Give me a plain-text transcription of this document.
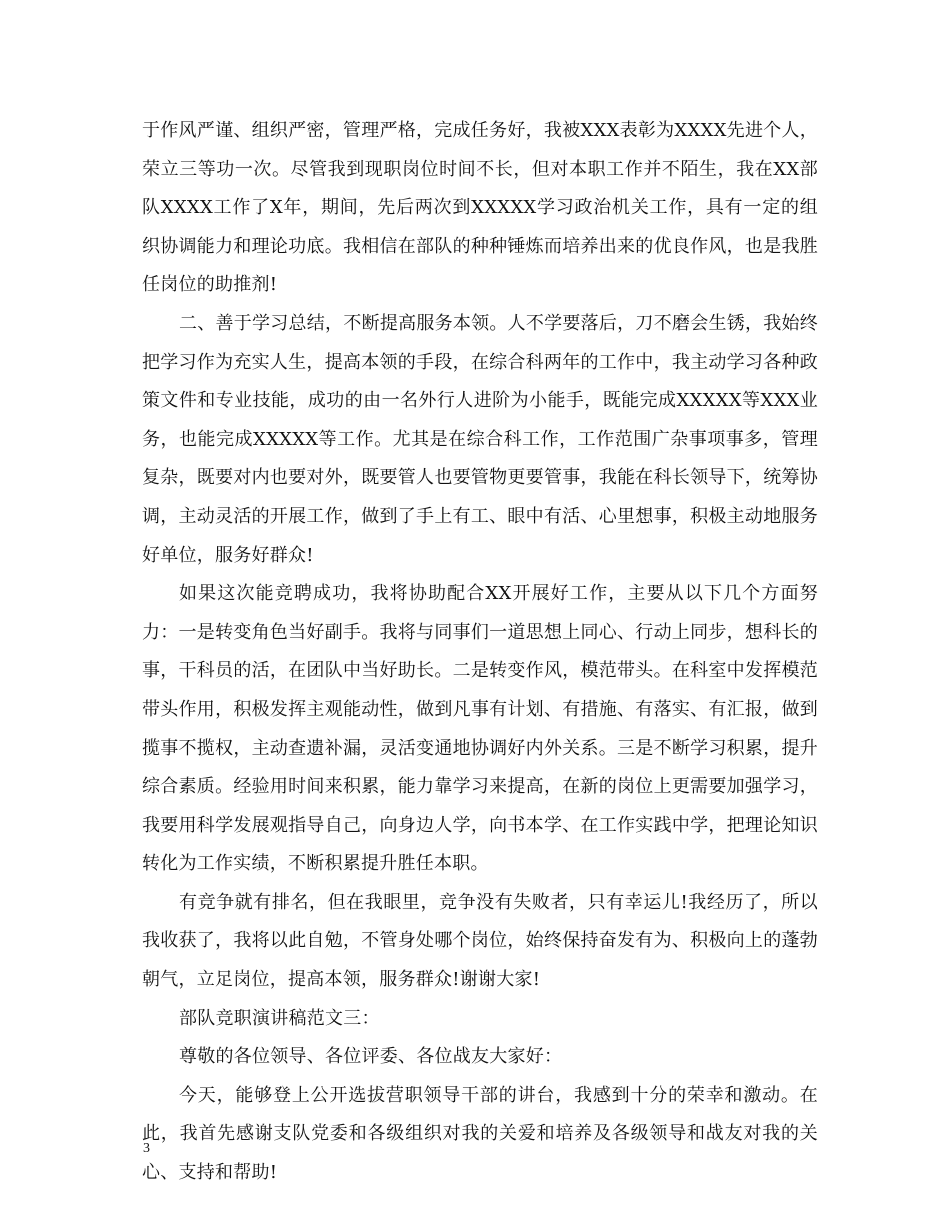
于作风严谨、组织严密，管理严格，完成任务好，我被XXX表彰为XXXX先进个人，荣立三等功一次。尽管我到现职岗位时间不长，但对本职工作并不陌生，我在XX部队XXXX工作了X年，期间，先后两次到XXXXX学习政治机关工作，具有一定的组织协调能力和理论功底。我相信在部队的种种锤炼而培养出来的优良作风，也是我胜任岗位的助推剂!

二、善于学习总结，不断提高服务本领。人不学要落后，刀不磨会生锈，我始终把学习作为充实人生，提高本领的手段，在综合科两年的工作中，我主动学习各种政策文件和专业技能，成功的由一名外行人进阶为小能手，既能完成XXXXX等XXX业务，也能完成XXXXX等工作。尤其是在综合科工作，工作范围广杂事项事多，管理复杂，既要对内也要对外，既要管人也要管物更要管事，我能在科长领导下，统筹协调，主动灵活的开展工作，做到了手上有工、眼中有活、心里想事，积极主动地服务好单位，服务好群众!

如果这次能竞聘成功，我将协助配合XX开展好工作，主要从以下几个方面努力：一是转变角色当好副手。我将与同事们一道思想上同心、行动上同步，想科长的事，干科员的活，在团队中当好助长。二是转变作风，模范带头。在科室中发挥模范带头作用，积极发挥主观能动性，做到凡事有计划、有措施、有落实、有汇报，做到揽事不揽权，主动查遗补漏，灵活变通地协调好内外关系。三是不断学习积累，提升综合素质。经验用时间来积累，能力靠学习来提高，在新的岗位上更需要加强学习，我要用科学发展观指导自己，向身边人学，向书本学、在工作实践中学，把理论知识转化为工作实绩，不断积累提升胜任本职。

有竞争就有排名，但在我眼里，竞争没有失败者，只有幸运儿!我经历了，所以我收获了，我将以此自勉，不管身处哪个岗位，始终保持奋发有为、积极向上的蓬勃朝气，立足岗位，提高本领，服务群众!谢谢大家!

部队竞职演讲稿范文三：

尊敬的各位领导、各位评委、各位战友大家好：

今天，能够登上公开选拔营职领导干部的讲台，我感到十分的荣幸和激动。在此，我首先感谢支队党委和各级组织对我的关爱和培养及各级领导和战友对我的关心、支持和帮助!

3
